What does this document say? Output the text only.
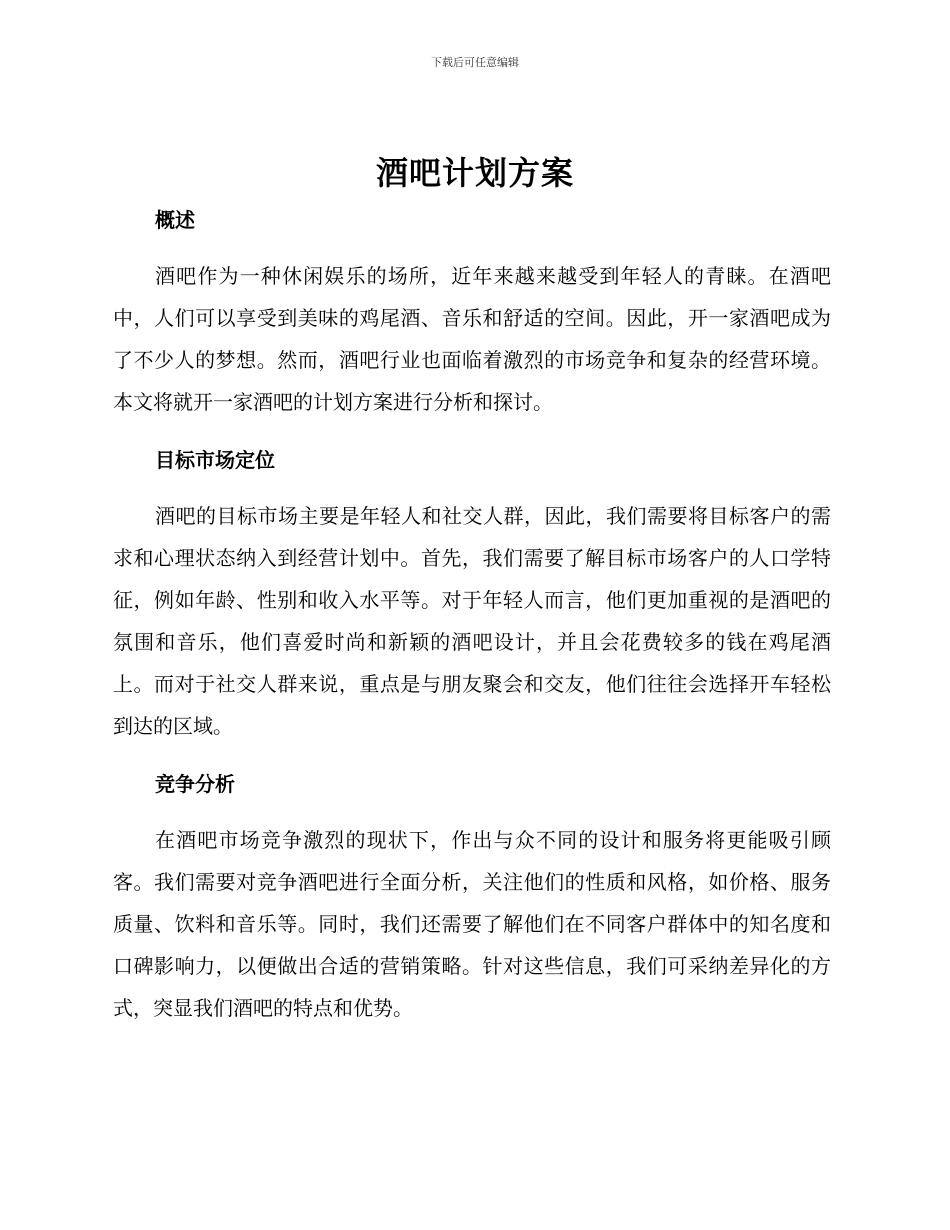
下载后可任意编辑
酒吧计划方案
概述

酒吧作为一种休闲娱乐的场所，近年来越来越受到年轻人的青睐。在酒吧中，人们可以享受到美味的鸡尾酒、音乐和舒适的空间。因此，开一家酒吧成为了不少人的梦想。然而，酒吧行业也面临着激烈的市场竞争和复杂的经营环境。本文将就开一家酒吧的计划方案进行分析和探讨。

目标市场定位

酒吧的目标市场主要是年轻人和社交人群，因此，我们需要将目标客户的需求和心理状态纳入到经营计划中。首先，我们需要了解目标市场客户的人口学特征，例如年龄、性别和收入水平等。对于年轻人而言，他们更加重视的是酒吧的氛围和音乐，他们喜爱时尚和新颖的酒吧设计，并且会花费较多的钱在鸡尾酒上。而对于社交人群来说，重点是与朋友聚会和交友，他们往往会选择开车轻松到达的区域。

竞争分析

在酒吧市场竞争激烈的现状下，作出与众不同的设计和服务将更能吸引顾客。我们需要对竞争酒吧进行全面分析，关注他们的性质和风格，如价格、服务质量、饮料和音乐等。同时，我们还需要了解他们在不同客户群体中的知名度和口碑影响力，以便做出合适的营销策略。针对这些信息，我们可采纳差异化的方式，突显我们酒吧的特点和优势。
